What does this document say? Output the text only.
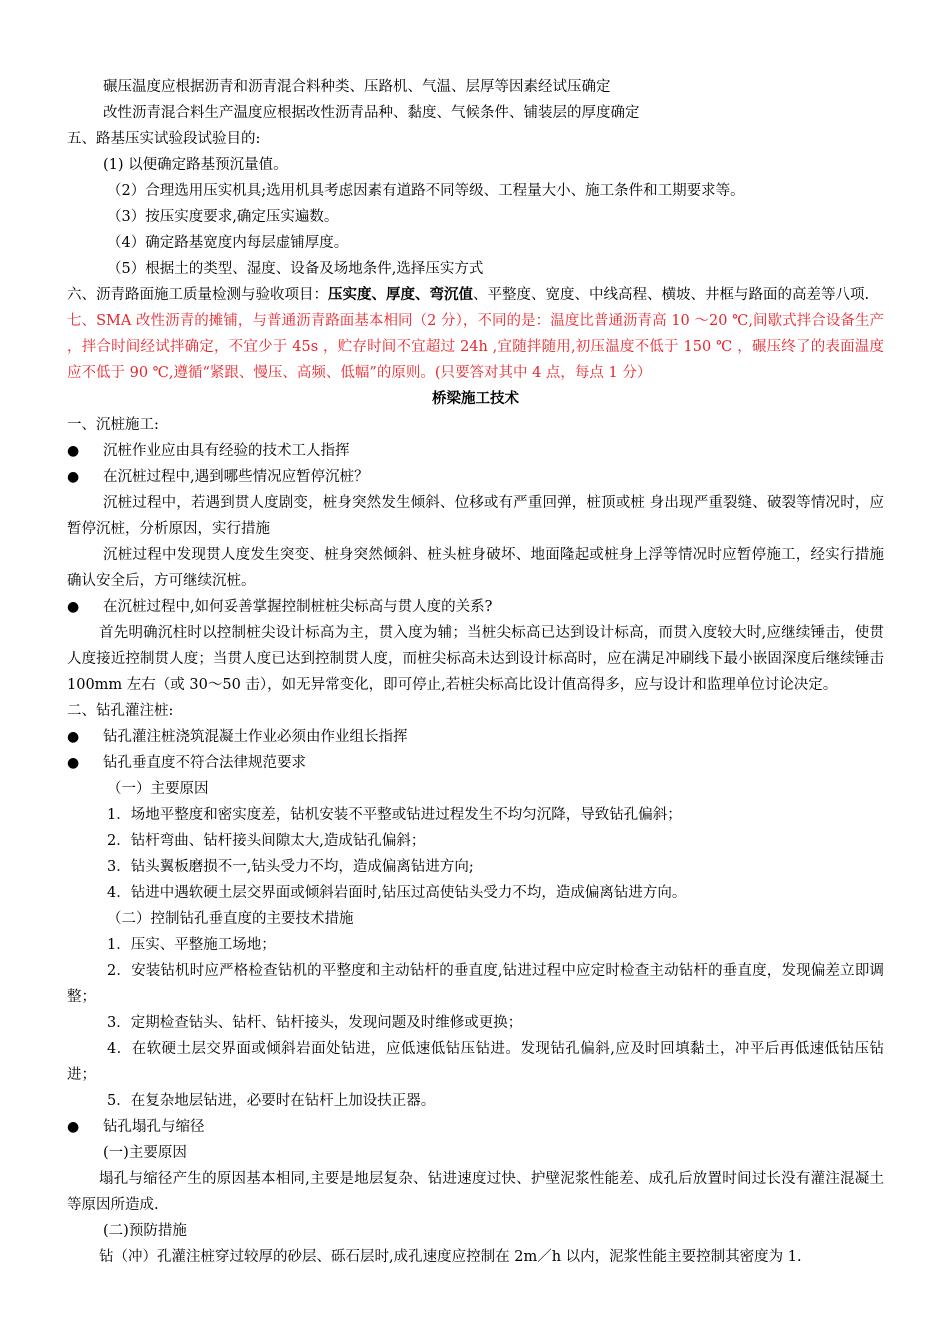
碾压温度应根据沥青和沥青混合料种类、压路机、气温、层厚等因素经试压确定
改性沥青混合料生产温度应根据改性沥青品种、黏度、气候条件、铺装层的厚度确定
五、路基压实试验段试验目的:
(1) 以便确定路基预沉量值。
（2）合理选用压实机具;选用机具考虑因素有道路不同等级、工程量大小、施工条件和工期要求等。
（3）按压实度要求,确定压实遍数。
（4）确定路基宽度内每层虚铺厚度。
（5）根据土的类型、湿度、设备及场地条件,选择压实方式
六、沥青路面施工质量检测与验收项目：压实度、厚度、弯沉值、平整度、宽度、中线高程、横坡、井框与路面的高差等八项.
七、SMA 改性沥青的摊铺，与普通沥青路面基本相同（2 分），不同的是：温度比普通沥青高 10 ～20 ℃,间歇式拌合设备生产 ，拌合时间经试拌确定，不宜少于 45s ，贮存时间不宜超过 24h ,宜随拌随用,初压温度不低于 150 ℃ ，碾压终了的表面温度应不低于 90 ℃,遵循“紧跟、慢压、高频、低幅”的原则。(只要答对其中 4 点，每点 1 分）
桥梁施工技术
一、沉桩施工:
● 沉桩作业应由具有经验的技术工人指挥
● 在沉桩过程中,遇到哪些情况应暂停沉桩？
沉桩过程中，若遇到贯人度剧变，桩身突然发生倾斜、位移或有严重回弹，桩顶或桩 身出现严重裂缝、破裂等情况时，应暂停沉桩，分析原因，实行措施
沉桩过程中发现贯人度发生突变、桩身突然倾斜、桩头桩身破坏、地面隆起或桩身上浮等情况时应暂停施工，经实行措施确认安全后，方可继续沉桩。
● 在沉桩过程中,如何妥善掌握控制桩桩尖标高与贯人度的关系?
首先明确沉柱时以控制桩尖设计标高为主，贯入度为辅；当桩尖标高已达到设计标高，而贯入度较大时,应继续锤击，使贯人度接近控制贯人度；当贯人度已达到控制贯人度，而桩尖标高未达到设计标高时，应在满足冲刷线下最小嵌固深度后继续锤击 100mm 左右（或 30～50 击），如无异常变化，即可停止,若桩尖标高比设计值高得多，应与设计和监理单位讨论决定。
二、钻孔灌注桩:
● 钻孔灌注桩浇筑混凝土作业必须由作业组长指挥
● 钻孔垂直度不符合法律规范要求
（一）主要原因
1．场地平整度和密实度差，钻机安装不平整或钻进过程发生不均匀沉降，导致钻孔偏斜；
2．钻杆弯曲、钻杆接头间隙太大,造成钻孔偏斜；
3．钻头翼板磨损不一,钻头受力不均，造成偏离钻进方向;
4．钻进中遇软硬土层交界面或倾斜岩面时,钻压过高使钻头受力不均，造成偏离钻进方向。
（二）控制钻孔垂直度的主要技术措施
1．压实、平整施工场地；
2．安装钻机时应严格检查钻机的平整度和主动钻杆的垂直度,钻进过程中应定时检查主动钻杆的垂直度，发现偏差立即调整；
3．定期检查钻头、钻杆、钻杆接头，发现问题及时维修或更换；
4．在软硬土层交界面或倾斜岩面处钻进，应低速低钻压钻进。发现钻孔偏斜,应及时回填黏土，冲平后再低速低钻压钻进；
5．在复杂地层钻进，必要时在钻杆上加设扶正器。
● 钻孔塌孔与缩径
(一)主要原因
塌孔与缩径产生的原因基本相同,主要是地层复杂、钻进速度过快、护壁泥浆性能差、成孔后放置时间过长没有灌注混凝土等原因所造成.
(二)预防措施
钻（冲）孔灌注桩穿过较厚的砂层、砾石层时,成孔速度应控制在 2m／h 以内，泥浆性能主要控制其密度为 1.
